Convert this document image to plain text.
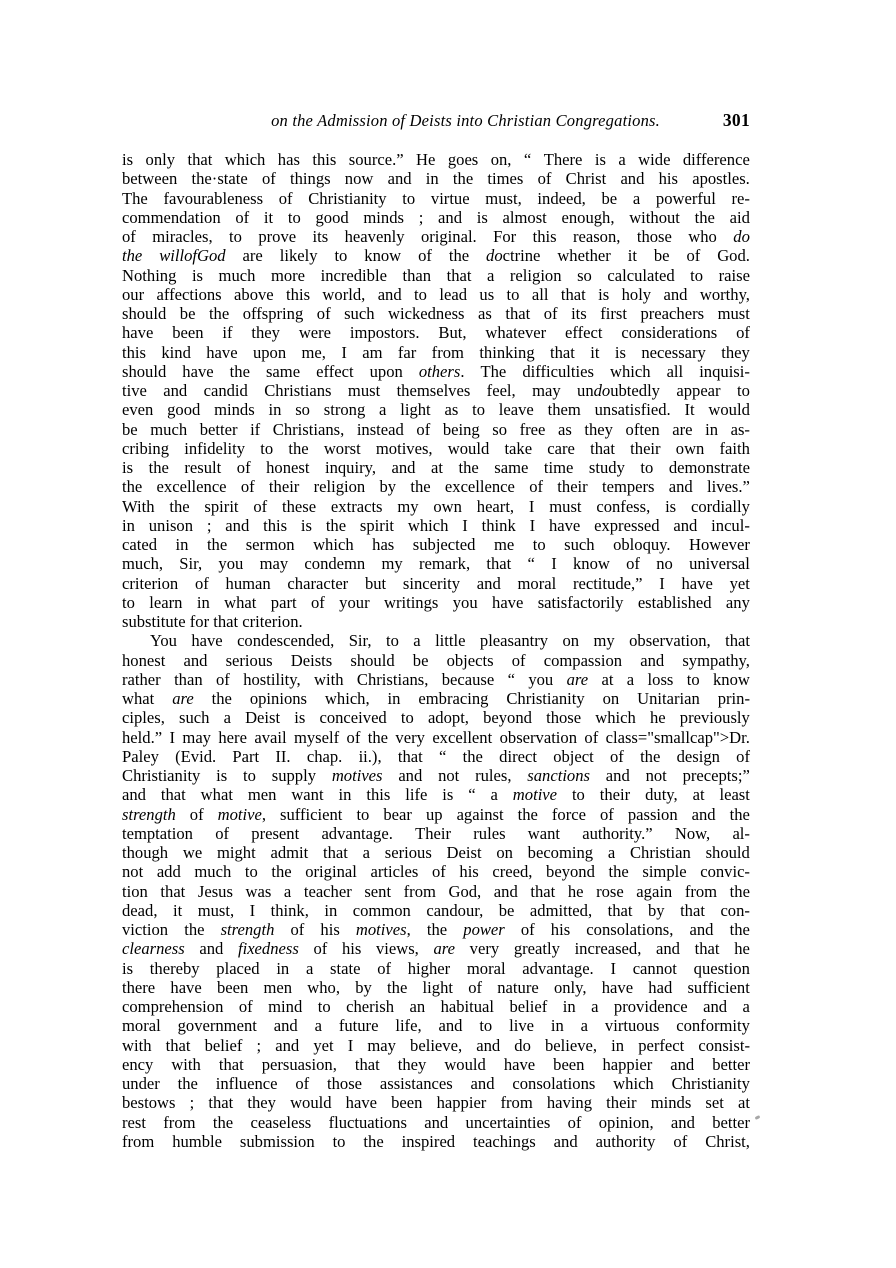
on the Admission of Deists into Christian Congregations.	301
is only that which has this source.” He goes on, “ There is a wide difference
between the·state of things now and in the times of Christ and his apostles.
The favourableness of Christianity to virtue must, indeed, be a powerful re-
commendation of it to good minds ; and is almost enough, without the aid
of miracles, to prove its heavenly original. For this reason, those who do
the willofGod are likely to know of the doctrine whether it be of God.
Nothing is much more incredible than that a religion so calculated to raise
our affections above this world, and to lead us to all that is holy and worthy,
should be the offspring of such wickedness as that of its first preachers must
have been if they were impostors. But, whatever effect considerations of
this kind have upon me, I am far from thinking that it is necessary they
should have the same effect upon others. The difficulties which all inquisi-
tive and candid Christians must themselves feel, may undoubtedly appear to
even good minds in so strong a light as to leave them unsatisfied. It would
be much better if Christians, instead of being so free as they often are in as-
cribing infidelity to the worst motives, would take care that their own faith
is the result of honest inquiry, and at the same time study to demonstrate
the excellence of their religion by the excellence of their tempers and lives.”
With the spirit of these extracts my own heart, I must confess, is cordially
in unison ; and this is the spirit which I think I have expressed and incul-
cated in the sermon which has subjected me to such obloquy. However
much, Sir, you may condemn my remark, that “ I know of no universal
criterion of human character but sincerity and moral rectitude,” I have yet
to learn in what part of your writings you have satisfactorily established any
substitute for that criterion.
You have condescended, Sir, to a little pleasantry on my observation, that
honest and serious Deists should be objects of compassion and sympathy,
rather than of hostility, with Christians, because “ you are at a loss to know
what are the opinions which, in embracing Christianity on Unitarian prin-
ciples, such a Deist is conceived to adopt, beyond those which he previously
held.” I may here avail myself of the very excellent observation of class="smallcap">Dr.
Paley (Evid. Part II. chap. ii.), that “ the direct object of the design of
Christianity is to supply motives and not rules, sanctions and not precepts;”
and that what men want in this life is “ a motive to their duty, at least
strength of motive, sufficient to bear up against the force of passion and the
temptation of present advantage. Their rules want authority.” Now, al-
though we might admit that a serious Deist on becoming a Christian should
not add much to the original articles of his creed, beyond the simple convic-
tion that Jesus was a teacher sent from God, and that he rose again from the
dead, it must, I think, in common candour, be admitted, that by that con-
viction the strength of his motives, the power of his consolations, and the
clearness and fixedness of his views, are very greatly increased, and that he
is thereby placed in a state of higher moral advantage. I cannot question
there have been men who, by the light of nature only, have had sufficient
comprehension of mind to cherish an habitual belief in a providence and a
moral government and a future life, and to live in a virtuous conformity
with that belief ; and yet I may believe, and do believe, in perfect consist-
ency with that persuasion, that they would have been happier and better
under the influence of those assistances and consolations which Christianity
bestows ; that they would have been happier from having their minds set at
rest from the ceaseless fluctuations and uncertainties of opinion, and better
from humble submission to the inspired teachings and authority of Christ,
